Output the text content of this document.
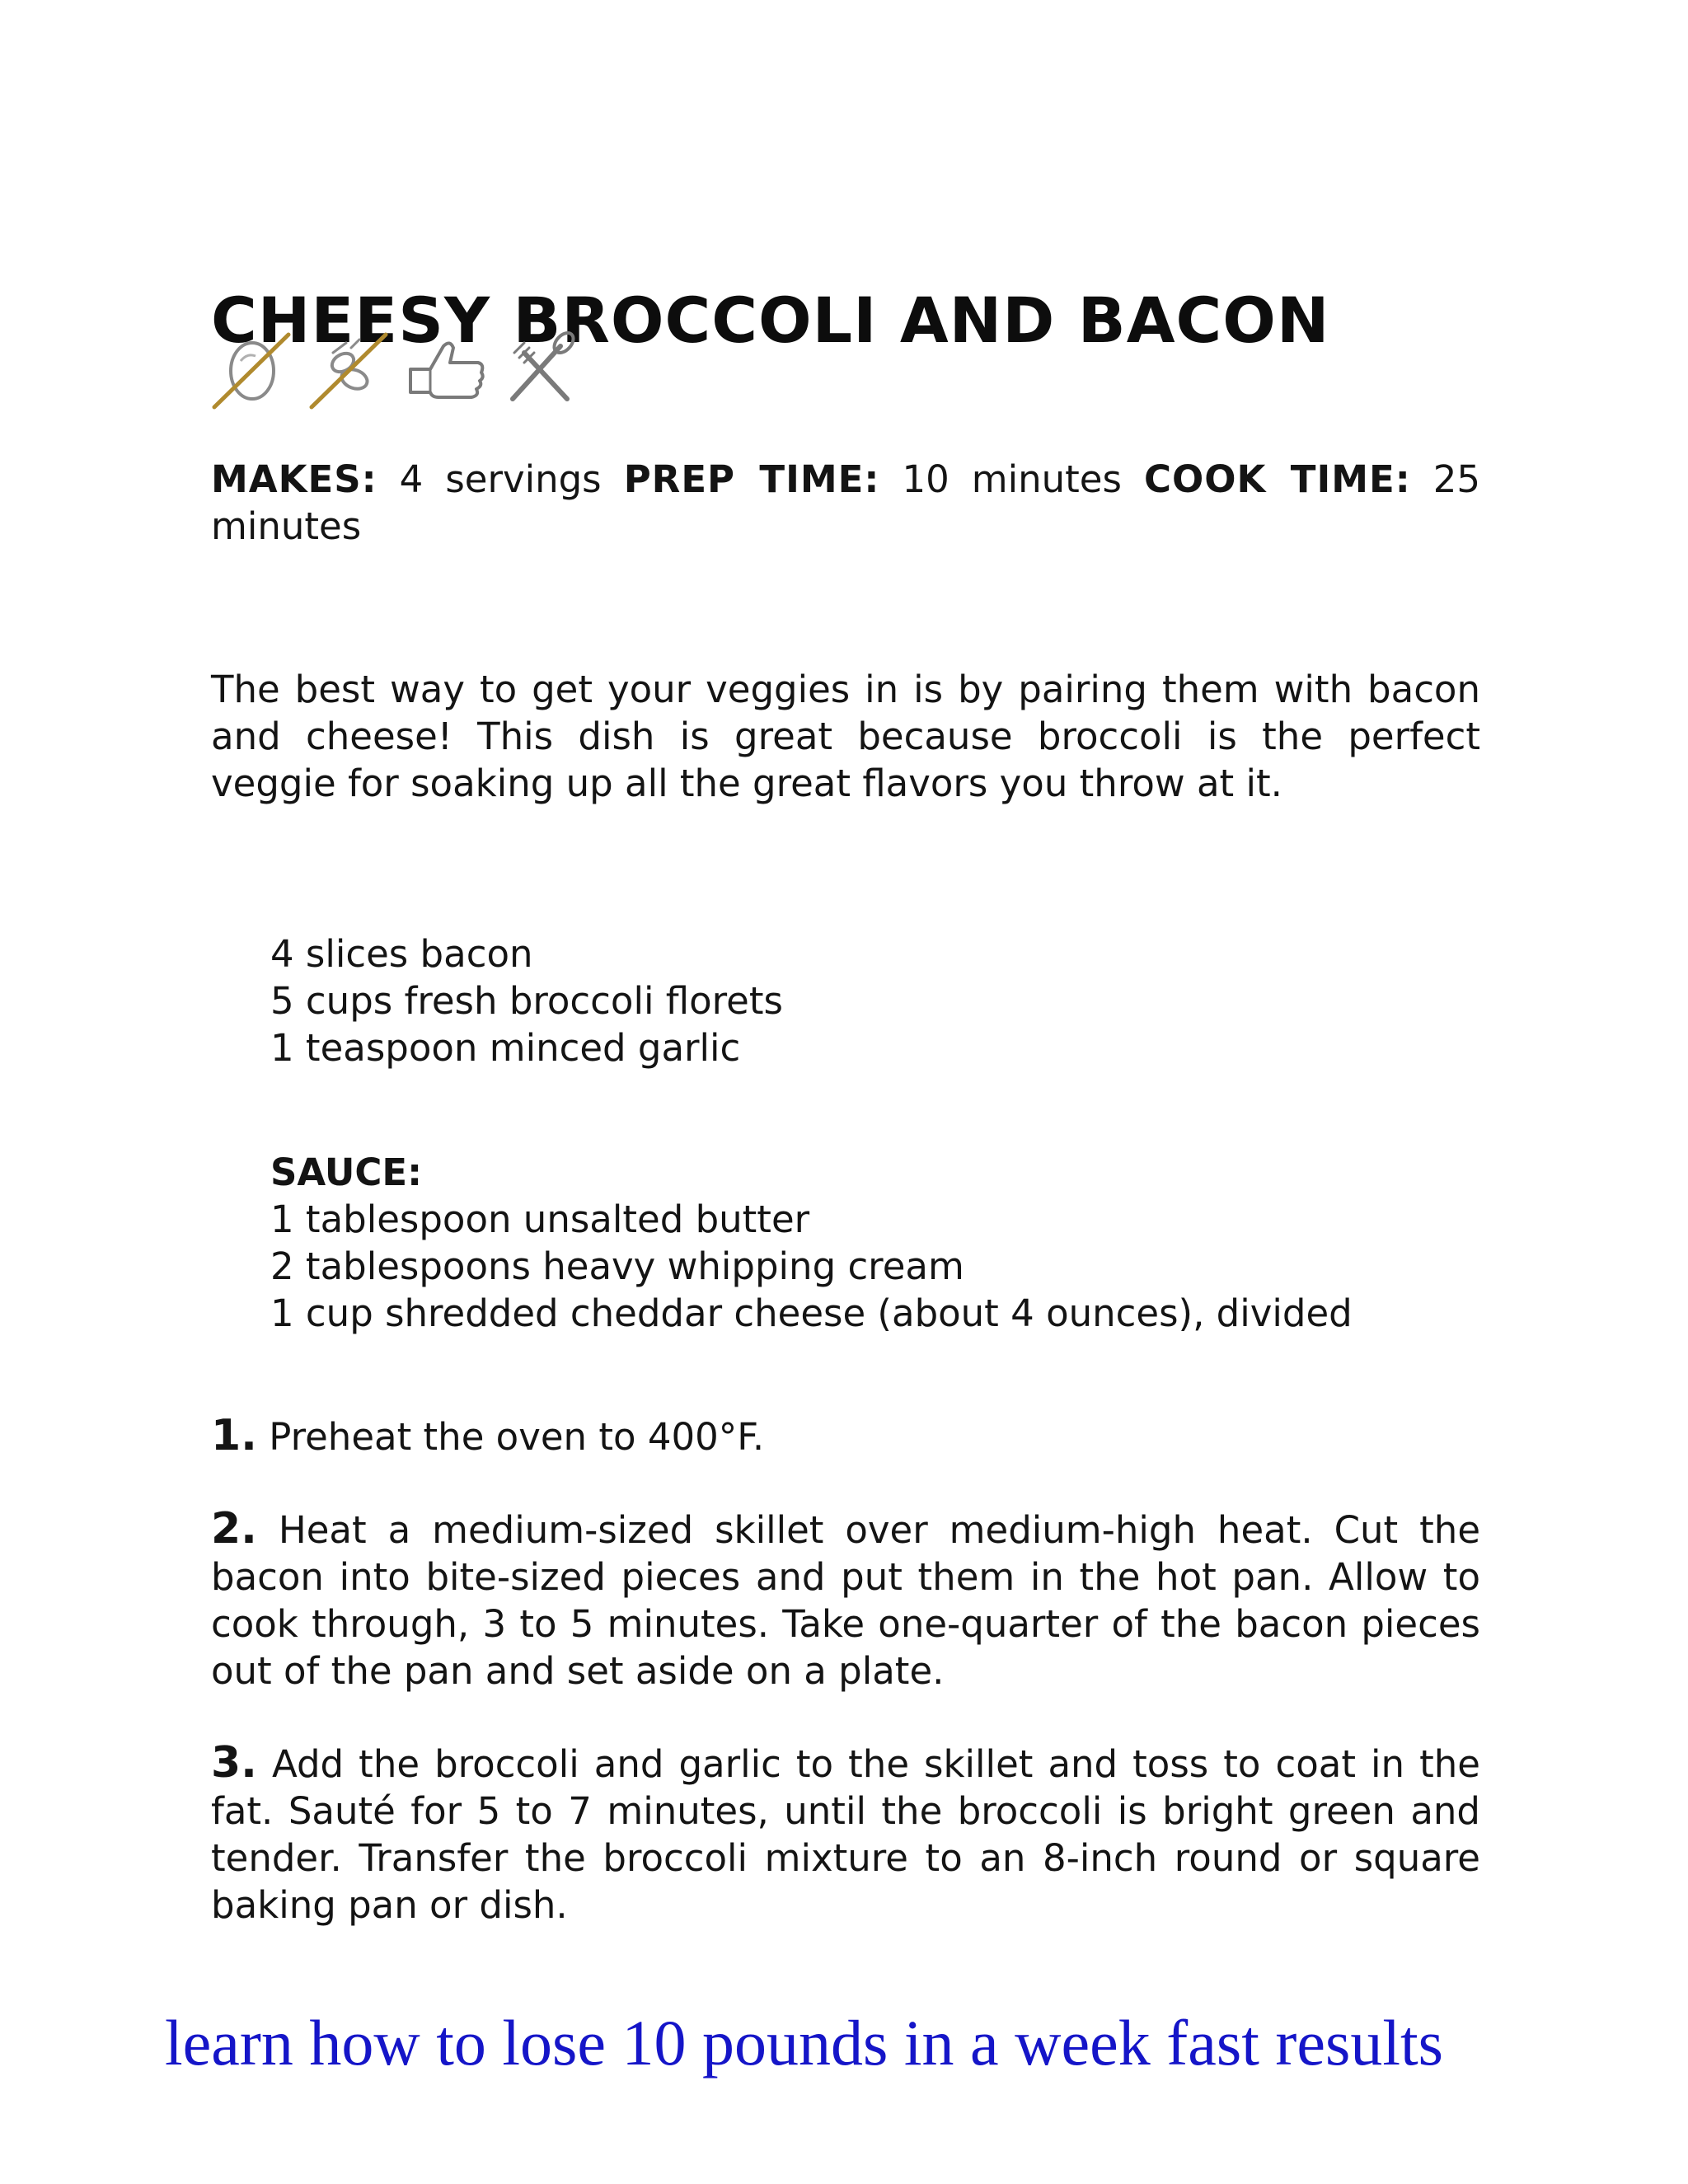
CHEESY BROCCOLI AND BACON
MAKES: 4 servings PREP TIME: 10 minutes COOK TIME: 25 minutes

The best way to get your veggies in is by pairing them with bacon and cheese! This dish is great because broccoli is the perfect veggie for soaking up all the great flavors you throw at it.

4 slices bacon
5 cups fresh broccoli florets
1 teaspoon minced garlic
SAUCE:
1 tablespoon unsalted butter
2 tablespoons heavy whipping cream
1 cup shredded cheddar cheese (about 4 ounces), divided
1. Preheat the oven to 400°F.
2. Heat a medium-sized skillet over medium-high heat. Cut the bacon into bite-sized pieces and put them in the hot pan. Allow to cook through, 3 to 5 minutes. Take one-quarter of the bacon pieces out of the pan and set aside on a plate.
3. Add the broccoli and garlic to the skillet and toss to coat in the fat. Sauté for 5 to 7 minutes, until the broccoli is bright green and tender. Transfer the broccoli mixture to an 8-inch round or square baking pan or dish.
learn how to lose 10 pounds in a week fast results
